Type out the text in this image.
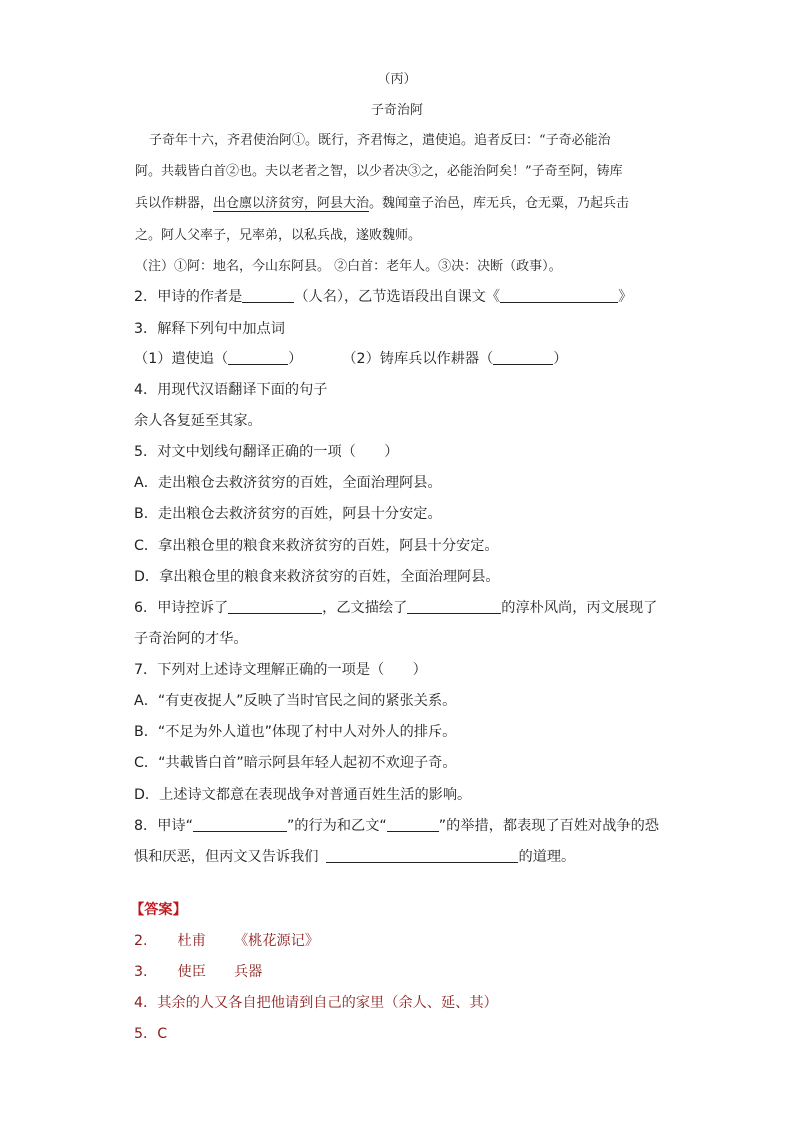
（丙）
子奇治阿
子奇年十六，齐君使治阿①。既行，齐君悔之，遣使追。追者反曰：“子奇必能治
阿。共载皆白首②也。夫以老者之智，以少者决③之，必能治阿矣！”子奇至阿，铸库
兵以作耕器，出仓廪以济贫穷，阿县大治。魏闻童子治邑，库无兵，仓无粟，乃起兵击
之。阿人父率子，兄率弟，以私兵战，遂败魏师。
（注）①阿：地名，今山东阿县。 ②白首：老年人。③决：决断（政事）。
2．甲诗的作者是	（人名），乙节选语段出自课文《	》
3．解释下列句中加点词
（1）遣使追（	）	（2）铸库兵以作耕器（	）
4．用现代汉语翻译下面的句子
余人各复延至其家。
5．对文中划线句翻译正确的一项（　　）
A．走出粮仓去救济贫穷的百姓，全面治理阿县。
B．走出粮仓去救济贫穷的百姓，阿县十分安定。
C．拿出粮仓里的粮食来救济贫穷的百姓，阿县十分安定。
D．拿出粮仓里的粮食来救济贫穷的百姓，全面治理阿县。
6．甲诗控诉了	，乙文描绘了	的淳朴风尚，丙文展现了
子奇治阿的才华。
7．下列对上述诗文理解正确的一项是（　　）
A．“有吏夜捉人”反映了当时官民之间的紧张关系。
B．“不足为外人道也”体现了村中人对外人的排斥。
C．“共載皆白首”暗示阿县年轻人起初不欢迎子奇。
D．上述诗文都意在表现战争对普通百姓生活的影响。
8．甲诗“	”的行为和乙文“	”的举措，都表现了百姓对战争的恐
惧和厌恶，但丙文又告诉我们	的道理。
【答案】
2. 杜甫 《桃花源记》
3. 使臣 兵器
4．其余的人又各自把他请到自己的家里（余人、延、其）
5．C
